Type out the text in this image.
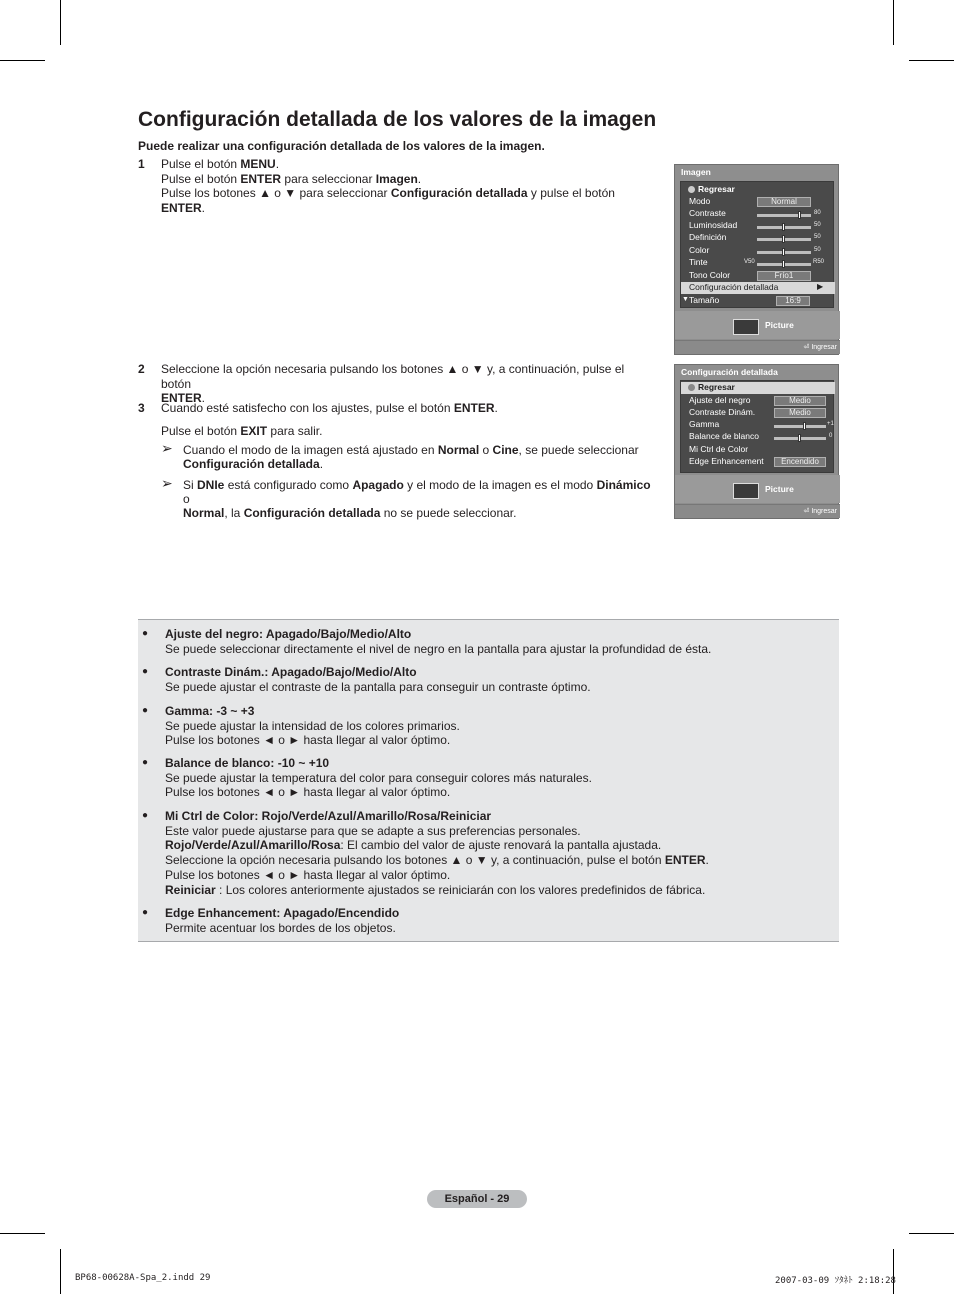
Configuración detallada de los valores de la imagen
Puede realizar una configuración detallada de los valores de la imagen.
1 Pulse el botón MENU.
Pulse el botón ENTER para seleccionar Imagen.
Pulse los botones ▲ o ▼ para seleccionar Configuración detallada y pulse el botón
ENTER.
2 Seleccione la opción necesaria pulsando los botones ▲ o ▼ y, a continuación, pulse el botón
ENTER.
3 Cuando esté satisfecho con los ajustes, pulse el botón ENTER.
Pulse el botón EXIT para salir.
➢ Cuando el modo de la imagen está ajustado en Normal o Cine, se puede seleccionar
Configuración detallada.
➢ Si DNIe está configurado como Apagado y el modo de la imagen es el modo Dinámico o
Normal, la Configuración detallada no se puede seleccionar.
Imagen
Regresar
Modo	Normal
Contraste	80
Luminosidad	50
Definición	50
Color	50
Tinte	V50	R50
Tono Color	Frío1
Configuración detallada	▶
▼ Tamaño	16:9
Picture
⏎ Ingresar
Configuración detallada
Regresar
Ajuste del negro	Medio
Contraste Dinám.	Medio
Gamma	+1
Balance de blanco	0
Mi Ctrl de Color
Edge Enhancement	Encendido
Picture
⏎ Ingresar
● Ajuste del negro: Apagado/Bajo/Medio/Alto
Se puede seleccionar directamente el nivel de negro en la pantalla para ajustar la profundidad de ésta.
● Contraste Dinám.: Apagado/Bajo/Medio/Alto
Se puede ajustar el contraste de la pantalla para conseguir un contraste óptimo.
● Gamma: -3 ~ +3
Se puede ajustar la intensidad de los colores primarios.
Pulse los botones ◄ o ► hasta llegar al valor óptimo.
● Balance de blanco: -10 ~ +10
Se puede ajustar la temperatura del color para conseguir colores más naturales.
Pulse los botones ◄ o ► hasta llegar al valor óptimo.
● Mi Ctrl de Color: Rojo/Verde/Azul/Amarillo/Rosa/Reiniciar
Este valor puede ajustarse para que se adapte a sus preferencias personales.
Rojo/Verde/Azul/Amarillo/Rosa: El cambio del valor de ajuste renovará la pantalla ajustada.
Seleccione la opción necesaria pulsando los botones ▲ o ▼ y, a continuación, pulse el botón ENTER.
Pulse los botones ◄ o ► hasta llegar al valor óptimo.
Reiniciar : Los colores anteriormente ajustados se reiniciarán con los valores predefinidos de fábrica.
● Edge Enhancement: Apagado/Encendido
Permite acentuar los bordes de los objetos.
Español - 29
BP68-00628A-Spa_2.indd 29	2007-03-09 ｿﾀﾈﾄ 2:18:28
